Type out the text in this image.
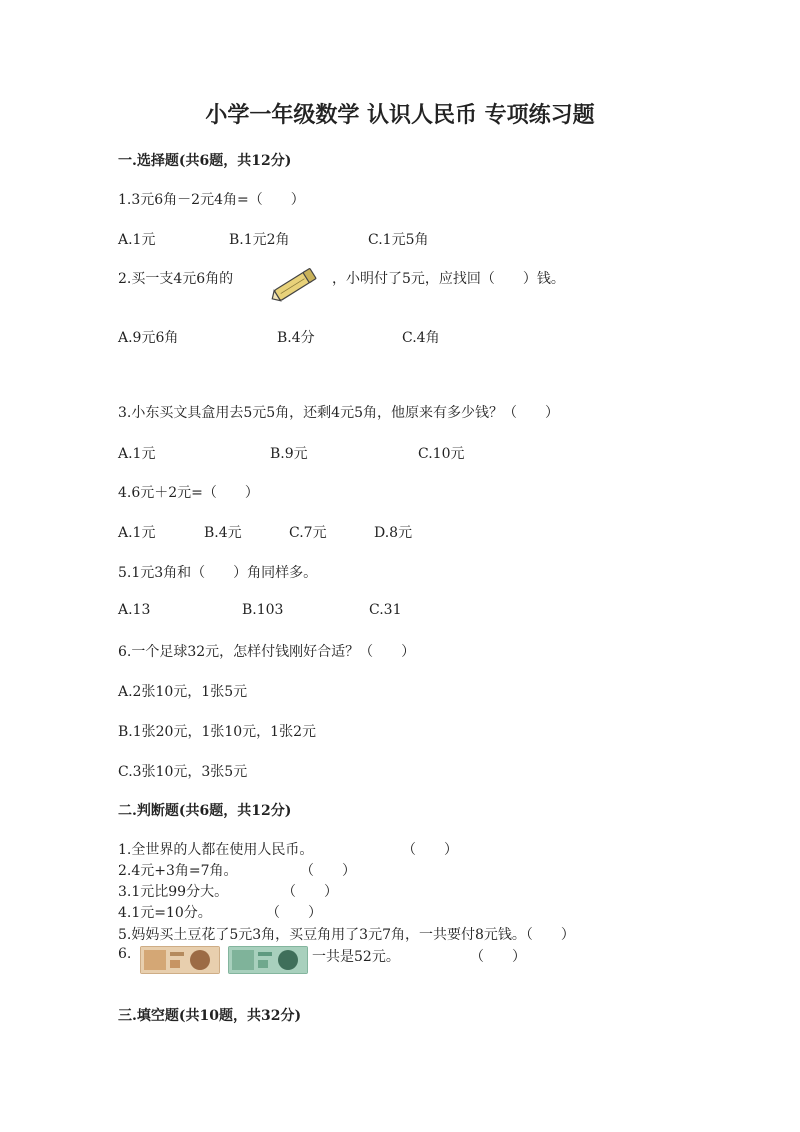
小学一年级数学 认识人民币 专项练习题
一.选择题(共6题，共12分)
1.3元6角－2元4角=（　　）
A.1元	B.1元2角	C.1元5角
2.买一支4元6角的	，小明付了5元，应找回（　　）钱。
A.9元6角	B.4分	C.4角
3.小东买文具盒用去5元5角，还剩4元5角，他原来有多少钱？（　　）
A.1元	B.9元	C.10元
4.6元＋2元=（　　）
A.1元	B.4元	C.7元	D.8元
5.1元3角和（　　）角同样多。
A.13	B.103	C.31
6.一个足球32元，怎样付钱刚好合适？（　　）
A.2张10元，1张5元
B.1张20元，1张10元，1张2元
C.3张10元，3张5元
二.判断题(共6题，共12分)
1.全世界的人都在使用人民币。	（　　）
2.4元+3角=7角。	（　　）
3.1元比99分大。	（　　）
4.1元=10分。	（　　）
5.妈妈买土豆花了5元3角，买豆角用了3元7角，一共要付8元钱。（　　）
6.	一共是52元。	（　　）
三.填空题(共10题，共32分)
